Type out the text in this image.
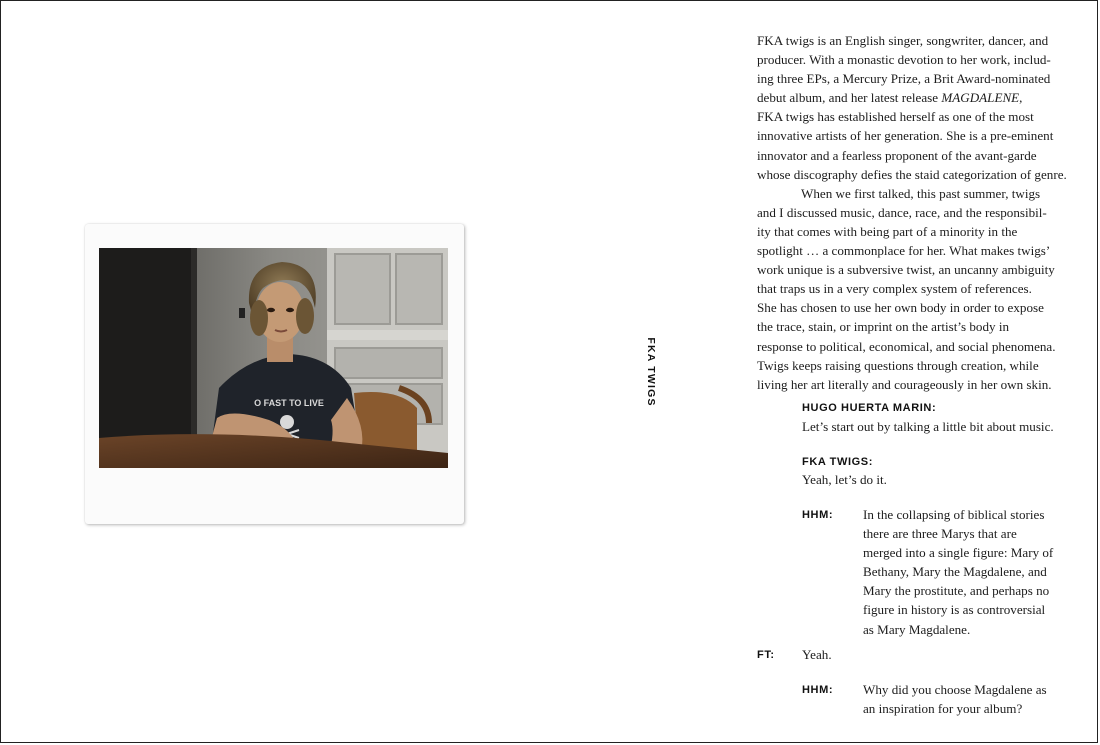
O FAST TO LIVE	FKA TWIGS

FKA twigs is an English singer, songwriter, dancer, and

producer. With a monastic devotion to her work, includ-

ing three EPs, a Mercury Prize, a Brit Award-nominated

debut album, and her latest release MAGDALENE,

FKA twigs has established herself as one of the most

innovative artists of her generation. She is a pre-eminent

innovator and a fearless proponent of the avant-garde

whose discography defies the staid categorization of genre.

When we first talked, this past summer, twigs

and I discussed music, dance, race, and the responsibil-

ity that comes with being part of a minority in the

spotlight … a commonplace for her. What makes twigs’

work unique is a subversive twist, an uncanny ambiguity

that traps us in a very complex system of references.

She has chosen to use her own body in order to expose

the trace, stain, or imprint on the artist’s body in

response to political, economical, and social phenomena.

Twigs keeps raising questions through creation, while

living her art literally and courageously in her own skin.

HUGO HUERTA MARIN:
Let’s start out by talking a little bit about music.
FKA TWIGS:
Yeah, let’s do it.
HHM: In the collapsing of biblical stories

there are three Marys that are

merged into a single figure: Mary of

Bethany, Mary the Magdalene, and

Mary the prostitute, and perhaps no

figure in history is as controversial

as Mary Magdalene.

FT: Yeah.
HHM: Why did you choose Magdalene as

an inspiration for your album?
